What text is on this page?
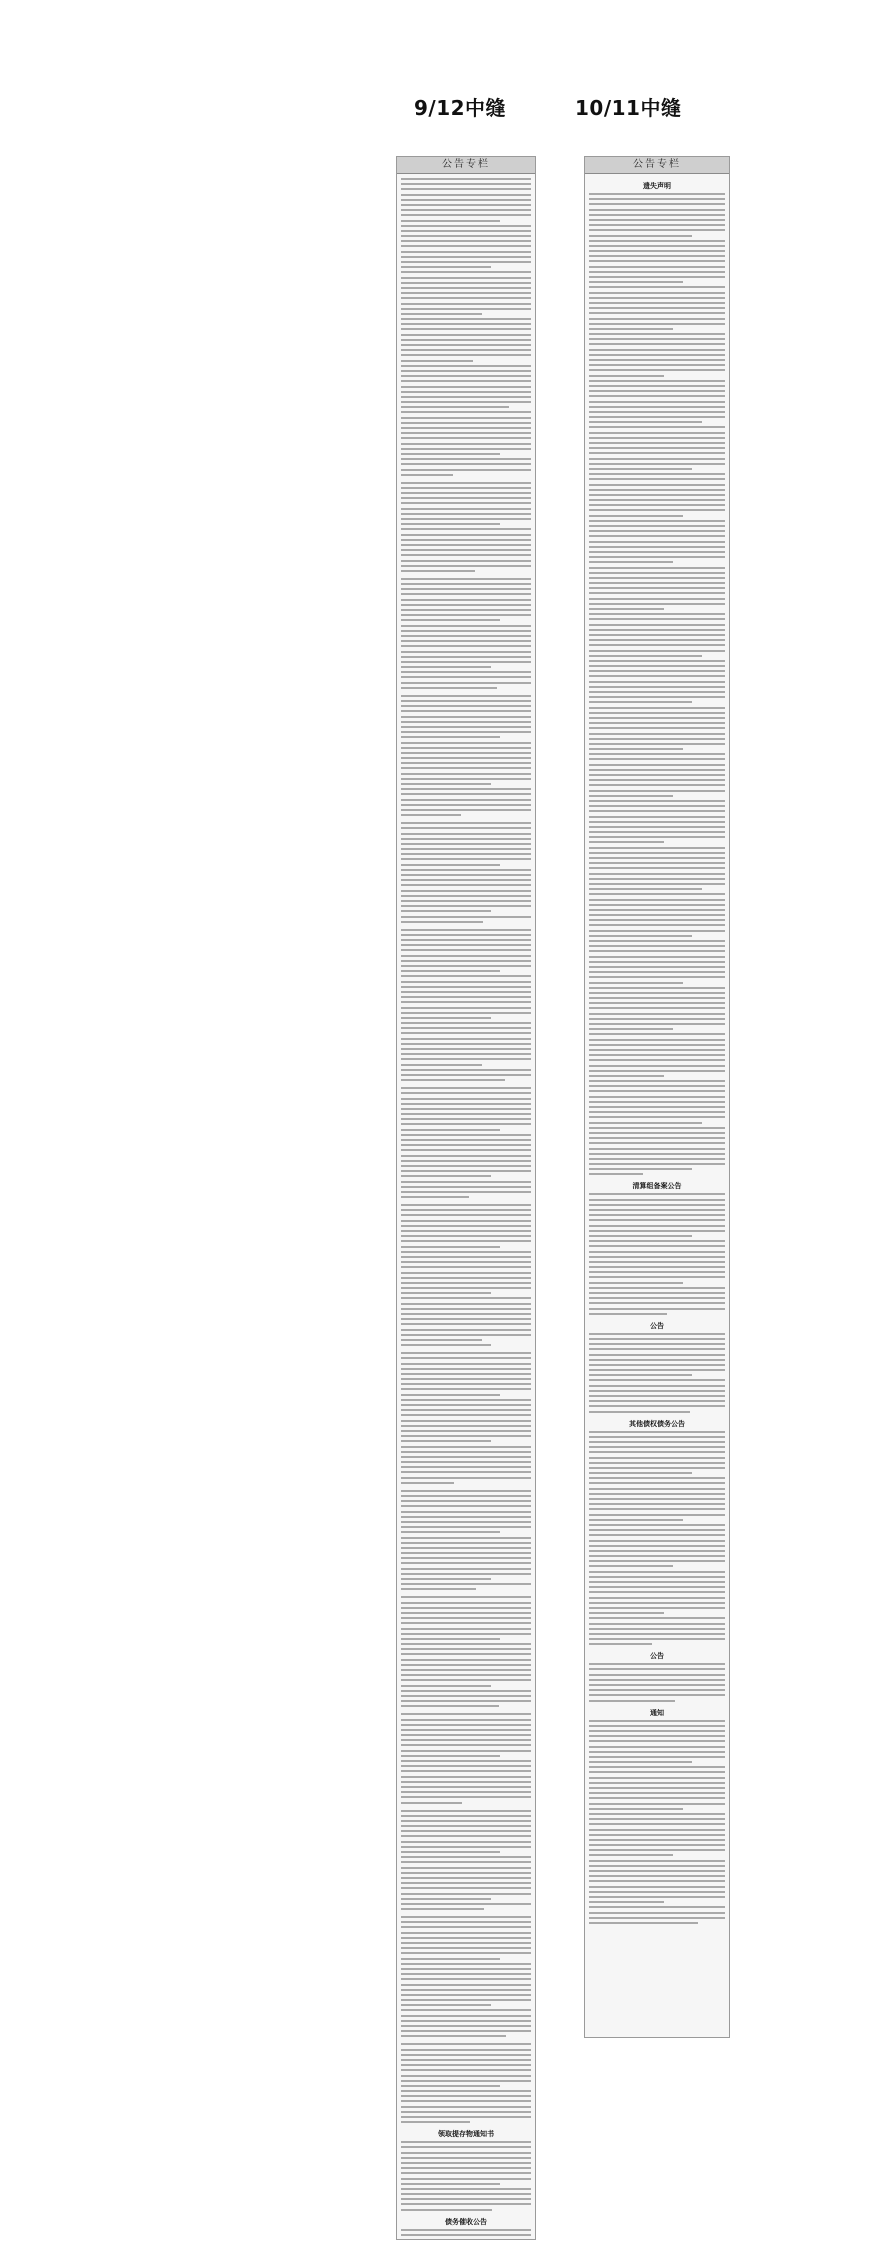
9/12中缝	10/11中缝
公告专栏
领取提存物通知书
债务催收公告
公告专栏
遗失声明
清算组备案公告
公告
其他债权债务公告
公告
通知
